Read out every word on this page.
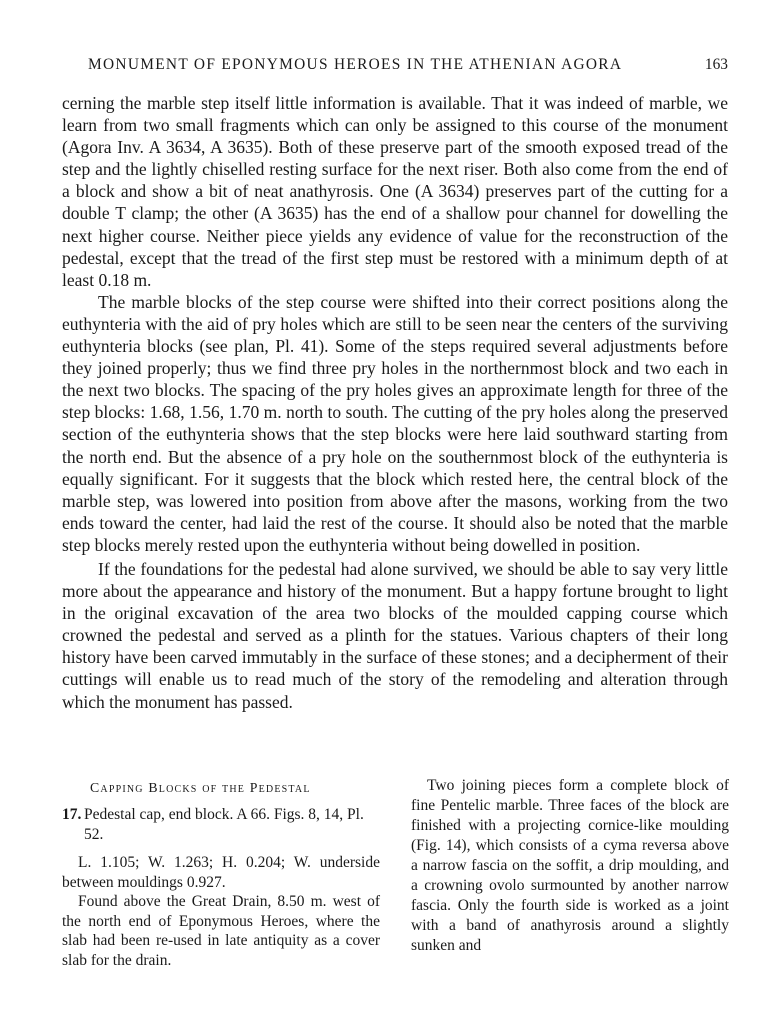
MONUMENT OF EPONYMOUS HEROES IN THE ATHENIAN AGORA	163

cerning the marble step itself little information is available. That it was indeed of marble, we learn from two small fragments which can only be assigned to this course of the monument (Agora Inv. A 3634, A 3635). Both of these preserve part of the smooth exposed tread of the step and the lightly chiselled resting surface for the next riser. Both also come from the end of a block and show a bit of neat anathyrosis. One (A 3634) preserves part of the cutting for a double T clamp; the other (A 3635) has the end of a shallow pour channel for dowelling the next higher course. Neither piece yields any evidence of value for the reconstruction of the pedestal, except that the tread of the first step must be restored with a minimum depth of at least 0.18 m.

The marble blocks of the step course were shifted into their correct positions along the euthynteria with the aid of pry holes which are still to be seen near the centers of the surviving euthynteria blocks (see plan, Pl. 41). Some of the steps required several adjustments before they joined properly; thus we find three pry holes in the northernmost block and two each in the next two blocks. The spacing of the pry holes gives an approximate length for three of the step blocks: 1.68, 1.56, 1.70 m. north to south. The cutting of the pry holes along the preserved section of the euthynteria shows that the step blocks were here laid southward starting from the north end. But the absence of a pry hole on the southernmost block of the euthynteria is equally significant. For it suggests that the block which rested here, the central block of the marble step, was lowered into position from above after the masons, working from the two ends toward the center, had laid the rest of the course. It should also be noted that the marble step blocks merely rested upon the euthynteria without being dowelled in position.

If the foundations for the pedestal had alone survived, we should be able to say very little more about the appearance and history of the monument. But a happy fortune brought to light in the original excavation of the area two blocks of the moulded capping course which crowned the pedestal and served as a plinth for the statues. Various chapters of their long history have been carved immutably in the surface of these stones; and a decipherment of their cuttings will enable us to read much of the story of the remodeling and alteration through which the monument has passed.

Capping Blocks of the Pedestal
17. Pedestal cap, end block. A 66. Figs. 8, 14, Pl. 52.

L. 1.105; W. 1.263; H. 0.204; W. underside between mouldings 0.927.

Found above the Great Drain, 8.50 m. west of the north end of Eponymous Heroes, where the slab had been re-used in late antiquity as a cover slab for the drain.

Two joining pieces form a complete block of fine Pentelic marble. Three faces of the block are finished with a projecting cornice-like moulding (Fig. 14), which consists of a cyma reversa above a narrow fascia on the soffit, a drip moulding, and a crowning ovolo surmounted by another narrow fascia. Only the fourth side is worked as a joint with a band of anathyrosis around a slightly sunken and
